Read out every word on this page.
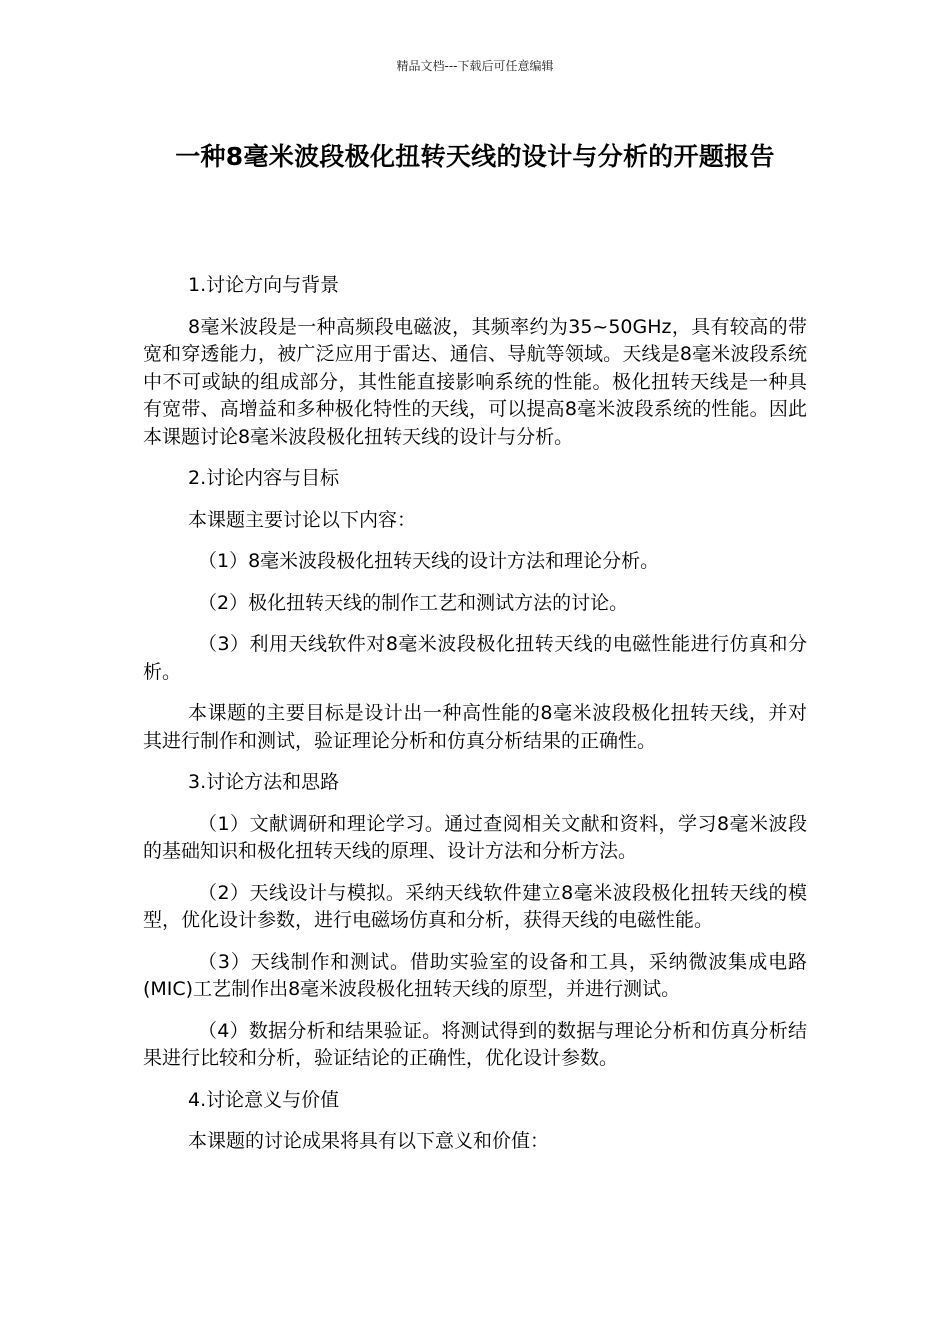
精品文档---下载后可任意编辑
一种8毫米波段极化扭转天线的设计与分析的开题报告

1.讨论方向与背景

8毫米波段是一种高频段电磁波，其频率约为35~50GHz，具有较高的带宽和穿透能力，被广泛应用于雷达、通信、导航等领域。天线是8毫米波段系统中不可或缺的组成部分，其性能直接影响系统的性能。极化扭转天线是一种具有宽带、高增益和多种极化特性的天线，可以提高8毫米波段系统的性能。因此本课题讨论8毫米波段极化扭转天线的设计与分析。

2.讨论内容与目标

本课题主要讨论以下内容：

（1）8毫米波段极化扭转天线的设计方法和理论分析。

（2）极化扭转天线的制作工艺和测试方法的讨论。

（3）利用天线软件对8毫米波段极化扭转天线的电磁性能进行仿真和分析。

本课题的主要目标是设计出一种高性能的8毫米波段极化扭转天线，并对其进行制作和测试，验证理论分析和仿真分析结果的正确性。

3.讨论方法和思路

（1）文献调研和理论学习。通过查阅相关文献和资料，学习8毫米波段的基础知识和极化扭转天线的原理、设计方法和分析方法。

（2）天线设计与模拟。采纳天线软件建立8毫米波段极化扭转天线的模型，优化设计参数，进行电磁场仿真和分析，获得天线的电磁性能。

（3）天线制作和测试。借助实验室的设备和工具，采纳微波集成电路(MIC)工艺制作出8毫米波段极化扭转天线的原型，并进行测试。

（4）数据分析和结果验证。将测试得到的数据与理论分析和仿真分析结果进行比较和分析，验证结论的正确性，优化设计参数。

4.讨论意义与价值

本课题的讨论成果将具有以下意义和价值：
